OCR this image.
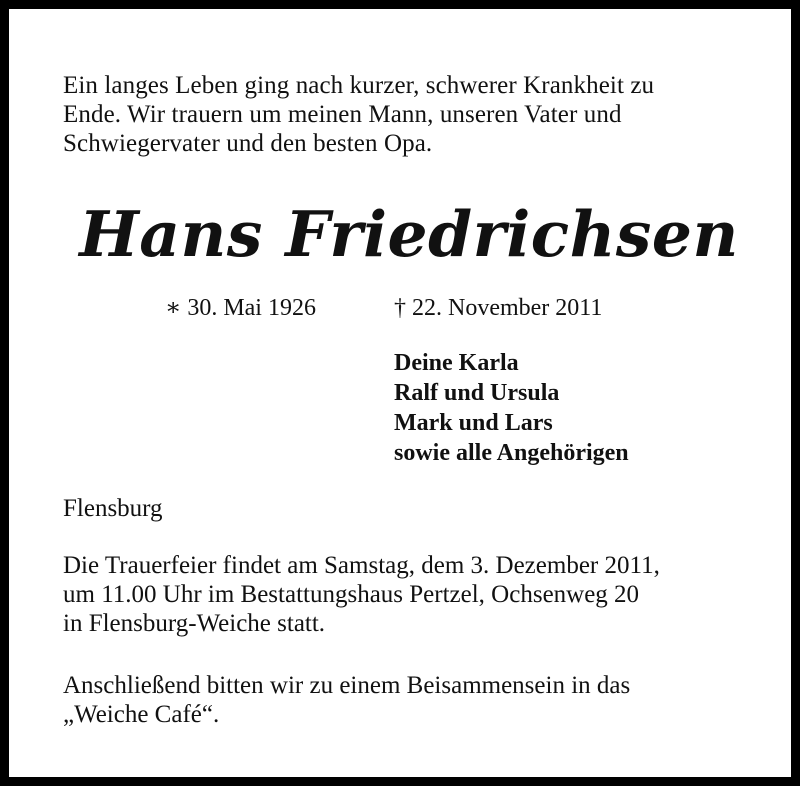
Ein langes Leben ging nach kurzer, schwerer Krankheit zu
Ende. Wir trauern um meinen Mann, unseren Vater und
Schwiegervater und den besten Opa.

Hans Friedrichsen
∗ 30. Mai 1926	† 22. November 2011
Deine Karla
Ralf und Ursula
Mark und Lars
sowie alle Angehörigen
Flensburg
Die Trauerfeier findet am Samstag, dem 3. Dezember 2011,
um 11.00 Uhr im Bestattungshaus Pertzel, Ochsenweg 20
in Flensburg-Weiche statt.
Anschließend bitten wir zu einem Beisammensein in das
„Weiche Café“.
